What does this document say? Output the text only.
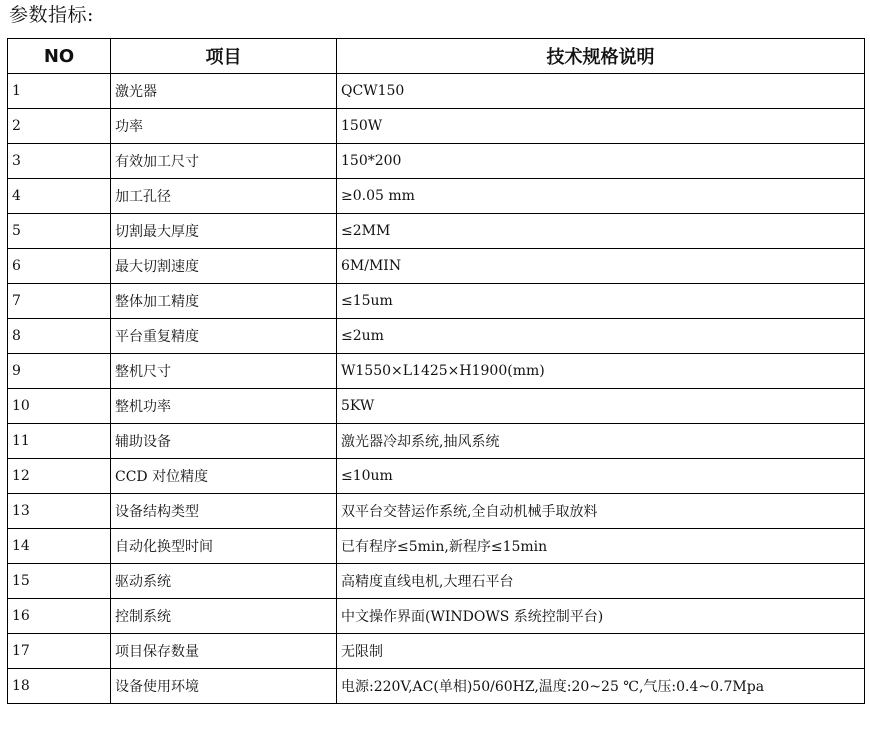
参数指标:
NO	项目	技术规格说明
1	激光器	QCW150
2	功率	150W
3	有效加工尺寸	150*200
4	加工孔径	≥0.05 mm
5	切割最大厚度	≤2MM
6	最大切割速度	6M/MIN
7	整体加工精度	≤15um
8	平台重复精度	≤2um
9	整机尺寸	W1550×L1425×H1900(mm)
10	整机功率	5KW
11	辅助设备	激光器冷却系统,抽风系统
12	CCD 对位精度	≤10um
13	设备结构类型	双平台交替运作系统,全自动机械手取放料
14	自动化换型时间	已有程序≤5min,新程序≤15min
15	驱动系统	高精度直线电机,大理石平台
16	控制系统	中文操作界面(WINDOWS 系统控制平台)
17	项目保存数量	无限制
18	设备使用环境	电源:220V,AC(单相)50/60HZ,温度:20~25 ℃,气压:0.4~0.7Mpa
